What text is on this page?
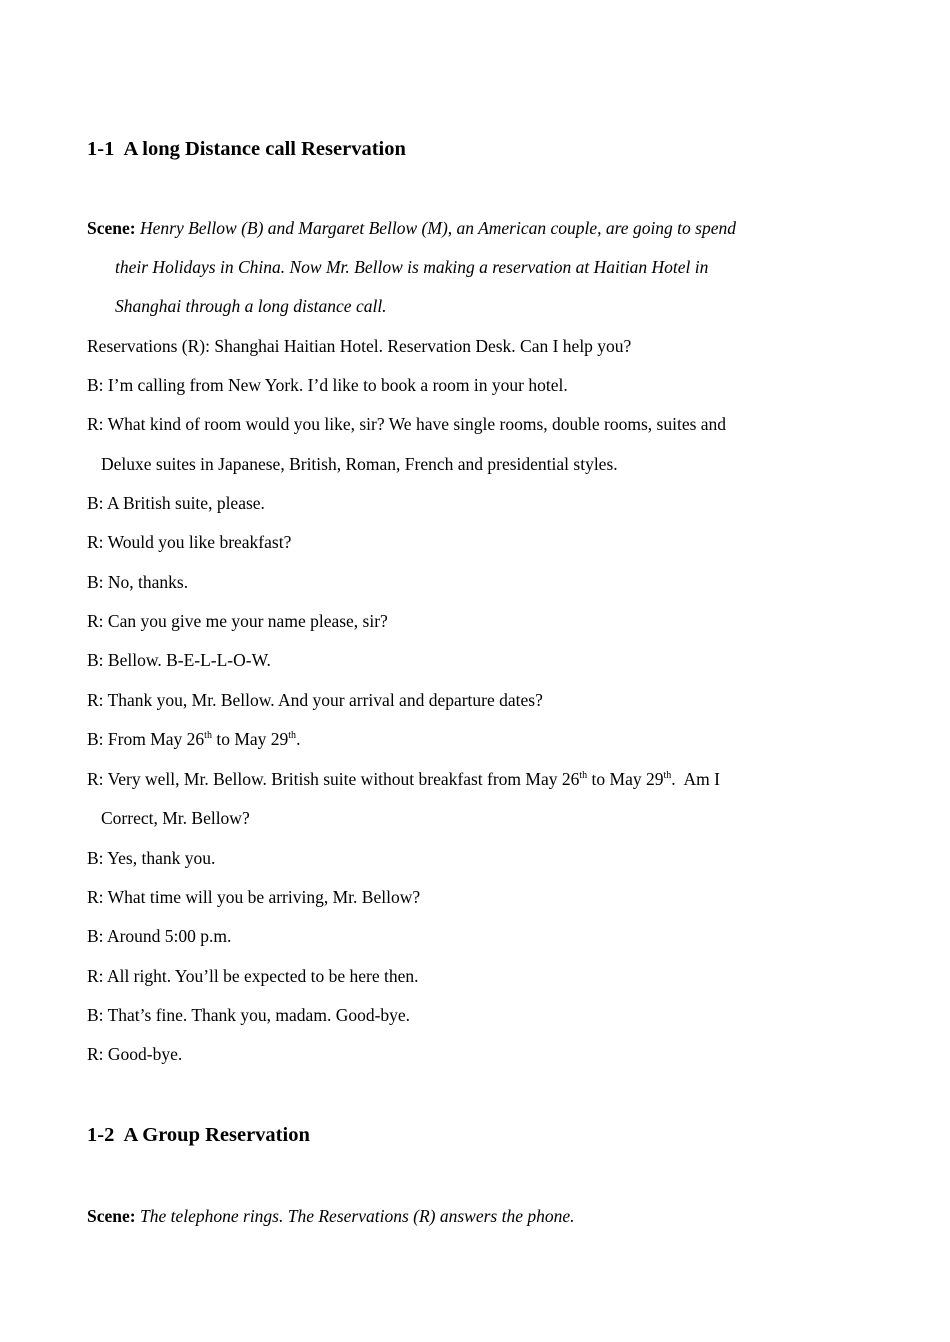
1-1  A long Distance call Reservation
Scene: Henry Bellow (B) and Margaret Bellow (M), an American couple, are going to spend
their Holidays in China. Now Mr. Bellow is making a reservation at Haitian Hotel in
Shanghai through a long distance call.
Reservations (R): Shanghai Haitian Hotel. Reservation Desk. Can I help you?
B: I’m calling from New York. I’d like to book a room in your hotel.
R: What kind of room would you like, sir? We have single rooms, double rooms, suites and
Deluxe suites in Japanese, British, Roman, French and presidential styles.
B: A British suite, please.
R: Would you like breakfast?
B: No, thanks.
R: Can you give me your name please, sir?
B: Bellow. B-E-L-L-O-W.
R: Thank you, Mr. Bellow. And your arrival and departure dates?
B: From May 26th to May 29th.
R: Very well, Mr. Bellow. British suite without breakfast from May 26th to May 29th.  Am I
Correct, Mr. Bellow?
B: Yes, thank you.
R: What time will you be arriving, Mr. Bellow?
B: Around 5:00 p.m.
R: All right. You’ll be expected to be here then.
B: That’s fine. Thank you, madam. Good-bye.
R: Good-bye.
1-2  A Group Reservation
Scene: The telephone rings. The Reservations (R) answers the phone.
